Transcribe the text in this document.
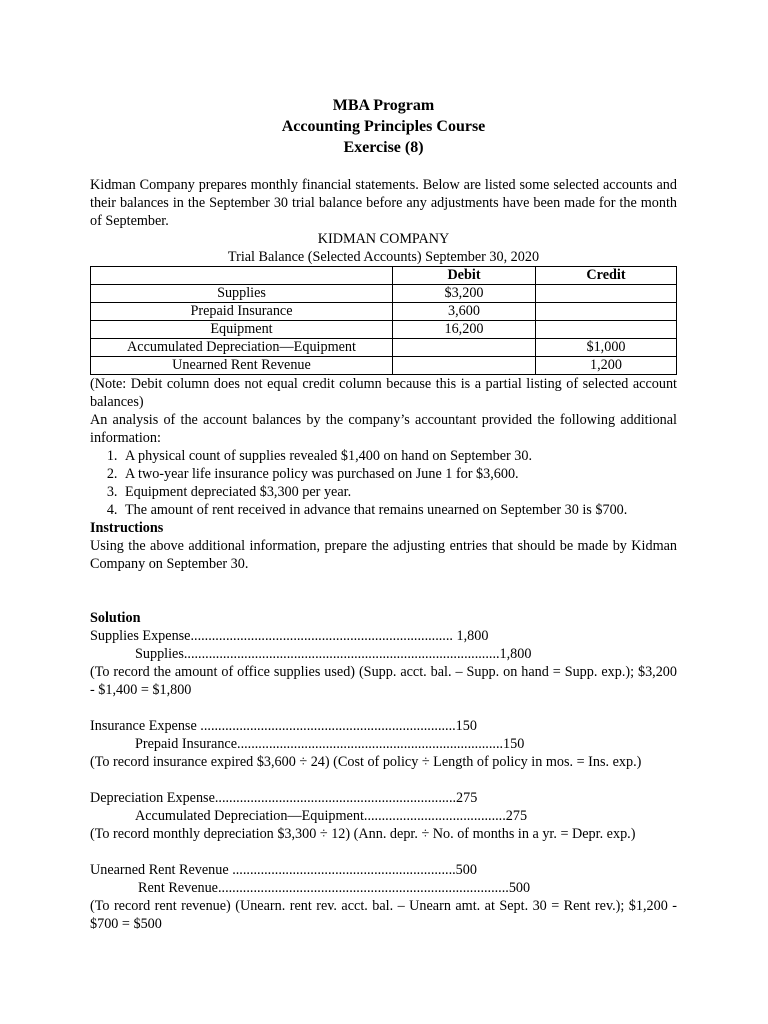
MBA Program
Accounting Principles Course
Exercise (8)

Kidman Company prepares monthly financial statements. Below are listed some selected accounts and their balances in the September 30 trial balance before any adjustments have been made for the month of September.

KIDMAN COMPANY
Trial Balance (Selected Accounts) September 30, 2020
	Debit	Credit
Supplies	$3,200	
Prepaid Insurance	3,600	
Equipment	16,200	
Accumulated Depreciation—Equipment		$1,000
Unearned Rent Revenue		1,200

(Note: Debit column does not equal credit column because this is a partial listing of selected account balances)

An analysis of the account balances by the company’s accountant provided the following additional information:

1. A physical count of supplies revealed $1,400 on hand on September 30.
2. A two-year life insurance policy was purchased on June 1 for $3,600.
3. Equipment depreciated $3,300 per year.
4. The amount of rent received in advance that remains unearned on September 30 is $700.
Instructions

Using the above additional information, prepare the adjusting entries that should be made by Kidman Company on September 30.

Solution
Supplies Expense.......................................................................... 1,800
Supplies.........................................................................................1,800

(To record the amount of office supplies used) (Supp. acct. bal. – Supp. on hand = Supp. exp.); $3,200 - $1,400 = $1,800

Insurance Expense ........................................................................150
Prepaid Insurance...........................................................................150

(To record insurance expired $3,600 ÷ 24) (Cost of policy ÷ Length of policy in mos. = Ins. exp.)

Depreciation Expense....................................................................275
Accumulated Depreciation—Equipment........................................275

(To record monthly depreciation $3,300 ÷ 12) (Ann. depr. ÷ No. of months in a yr. = Depr. exp.)

Unearned Rent Revenue ...............................................................500
Rent Revenue..................................................................................500

(To record rent revenue) (Unearn. rent rev. acct. bal. – Unearn amt. at Sept. 30 = Rent rev.); $1,200 - $700 = $500
